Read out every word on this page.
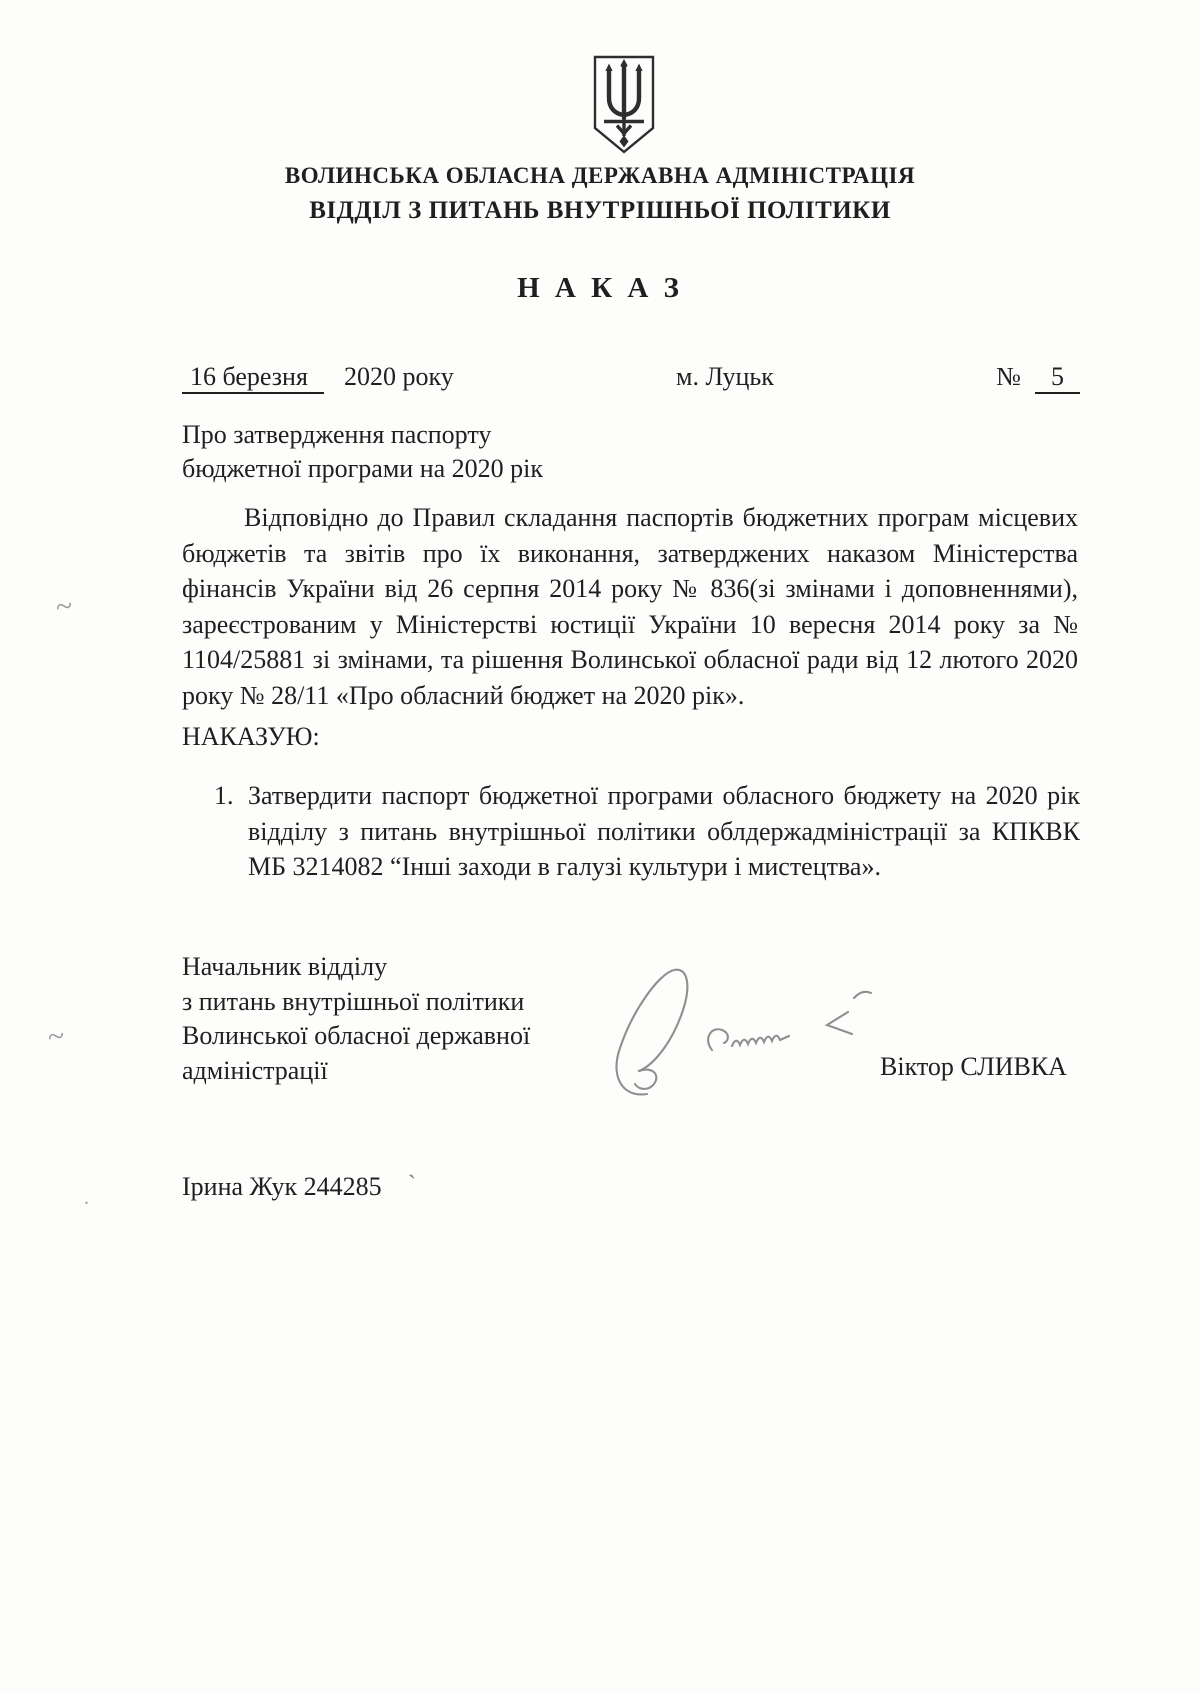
ВОЛИНСЬКА ОБЛАСНА ДЕРЖАВНА АДМІНІСТРАЦІЯ
ВІДДІЛ З ПИТАНЬ ВНУТРІШНЬОЇ ПОЛІТИКИ
Н А К А З
16 березня 2020 року	м. Луцьк	№ 5
Про затвердження паспорту
бюджетної програми на 2020 рік
Відповідно до Правил складання паспортів бюджетних програм місцевих бюджетів та звітів про їх виконання, затверджених наказом Міністерства фінансів України від 26 серпня 2014 року № 836(зі змінами і доповненнями), зареєстрованим у Міністерстві юстиції України 10 вересня 2014 року за № 1104/25881 зі змінами, та рішення Волинської обласної ради від 12 лютого 2020 року № 28/11 «Про обласний бюджет на 2020 рік».
НАКАЗУЮ:
1. Затвердити паспорт бюджетної програми обласного бюджету на 2020 рік відділу з питань внутрішньої політики облдержадміністрації за КПКВК МБ 3214082 “Інші заходи в галузі культури і мистецтва».
Начальник відділу
з питань внутрішньої політики
Волинської обласної державної
адміністрації	Віктор СЛИВКА
Ірина Жук 244285 ˋ
~
~
.
